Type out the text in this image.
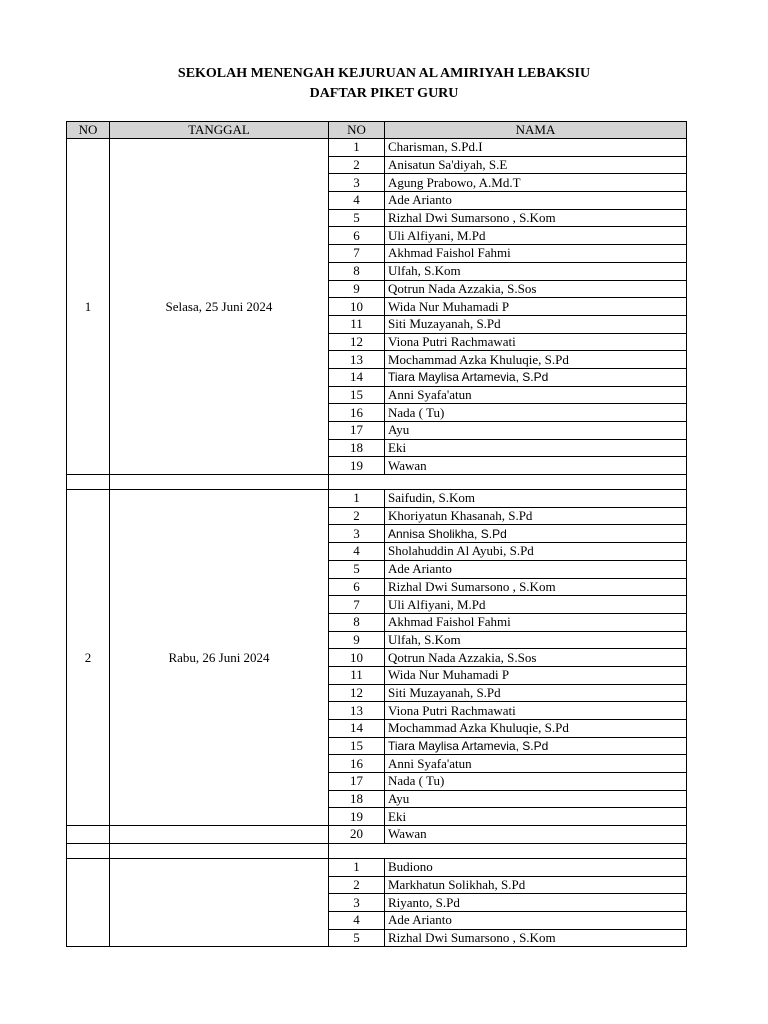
SEKOLAH MENENGAH KEJURUAN AL AMIRIYAH LEBAKSIU
DAFTAR PIKET GURU
NO	TANGGAL	NO	NAMA
1	Selasa, 25 Juni 2024	1	Charisman, S.Pd.I
		2	Anisatun Sa'diyah, S.E
		3	Agung Prabowo, A.Md.T
		4	Ade Arianto
		5	Rizhal Dwi Sumarsono , S.Kom
		6	Uli Alfiyani, M.Pd
		7	Akhmad Faishol Fahmi
		8	Ulfah, S.Kom
		9	Qotrun Nada Azzakia, S.Sos
		10	Wida Nur Muhamadi P
		11	Siti Muzayanah, S.Pd
		12	Viona Putri Rachmawati
		13	Mochammad Azka Khuluqie, S.Pd
		14	Tiara Maylisa Artamevia, S.Pd
		15	Anni Syafa'atun
		16	Nada ( Tu)
		17	Ayu
		18	Eki
		19	Wawan

2	Rabu, 26 Juni 2024	1	Saifudin, S.Kom
		2	Khoriyatun Khasanah, S.Pd
		3	Annisa Sholikha, S.Pd
		4	Sholahuddin Al Ayubi, S.Pd
		5	Ade Arianto
		6	Rizhal Dwi Sumarsono , S.Kom
		7	Uli Alfiyani, M.Pd
		8	Akhmad Faishol Fahmi
		9	Ulfah, S.Kom
		10	Qotrun Nada Azzakia, S.Sos
		11	Wida Nur Muhamadi P
		12	Siti Muzayanah, S.Pd
		13	Viona Putri Rachmawati
		14	Mochammad Azka Khuluqie, S.Pd
		15	Tiara Maylisa Artamevia, S.Pd
		16	Anni Syafa'atun
		17	Nada ( Tu)
		18	Ayu
		19	Eki
		20	Wawan

		1	Budiono
		2	Markhatun Solikhah, S.Pd
		3	Riyanto, S.Pd
		4	Ade Arianto
		5	Rizhal Dwi Sumarsono , S.Kom
